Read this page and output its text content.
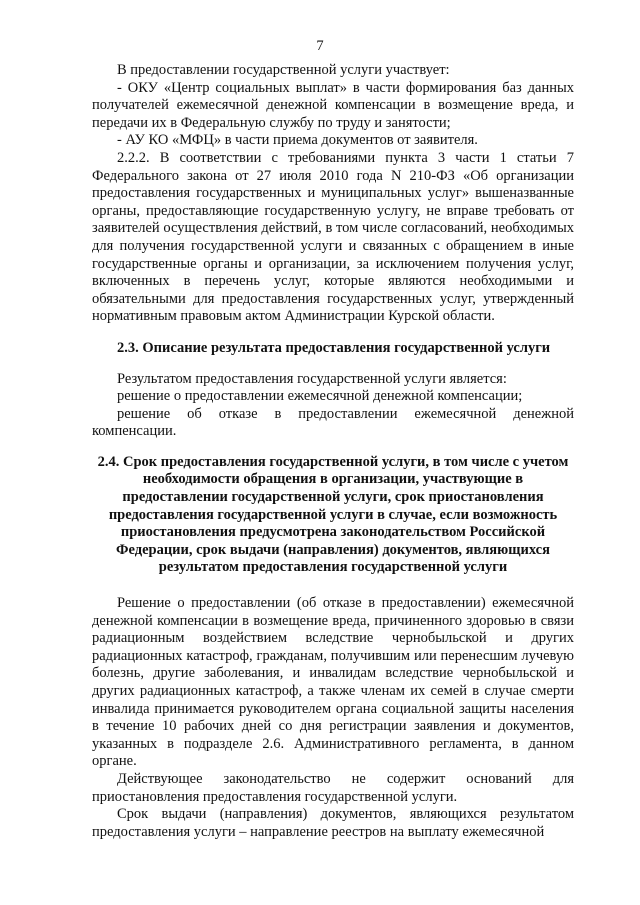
7

В предоставлении государственной услуги участвует:

- ОКУ «Центр социальных выплат» в части формирования баз данных получателей ежемесячной денежной компенсации в возмещение вреда, и передачи их в Федеральную службу по труду и занятости;

- АУ КО «МФЦ» в части приема документов от заявителя.

2.2.2. В соответствии с требованиями пункта 3 части 1 статьи 7 Федерального закона от 27 июля 2010 года N 210-ФЗ «Об организации предоставления государственных и муниципальных услуг» вышеназванные органы, предоставляющие государственную услугу, не вправе требовать от заявителей осуществления действий, в том числе согласований, необходимых для получения государственной услуги и связанных с обращением в иные государственные органы и организации, за исключением получения услуг, включенных в перечень услуг, которые являются необходимыми и обязательными для предоставления государственных услуг, утвержденный нормативным правовым актом Администрации Курской области.

2.3. Описание результата предоставления государственной услуги

Результатом предоставления государственной услуги является:

решение о предоставлении ежемесячной денежной компенсации;

решение об отказе в предоставлении ежемесячной денежной компенсации.

2.4. Срок предоставления государственной услуги, в том числе с учетом необходимости обращения в организации, участвующие в предоставлении государственной услуги, срок приостановления предоставления государственной услуги в случае, если возможность приостановления предусмотрена законодательством Российской Федерации, срок выдачи (направления) документов, являющихся результатом предоставления государственной услуги

Решение о предоставлении (об отказе в предоставлении) ежемесячной денежной компенсации в возмещение вреда, причиненного здоровью в связи радиационным воздействием вследствие чернобыльской и других радиационных катастроф, гражданам, получившим или перенесшим лучевую болезнь, другие заболевания, и инвалидам вследствие чернобыльской и других радиационных катастроф, а также членам их семей в случае смерти инвалида принимается руководителем органа социальной защиты населения в течение 10 рабочих дней со дня регистрации заявления и документов, указанных в подразделе 2.6. Административного регламента, в данном органе.

Действующее законодательство не содержит оснований для приостановления предоставления государственной услуги.

Срок выдачи (направления) документов, являющихся результатом предоставления услуги – направление реестров на выплату ежемесячной
